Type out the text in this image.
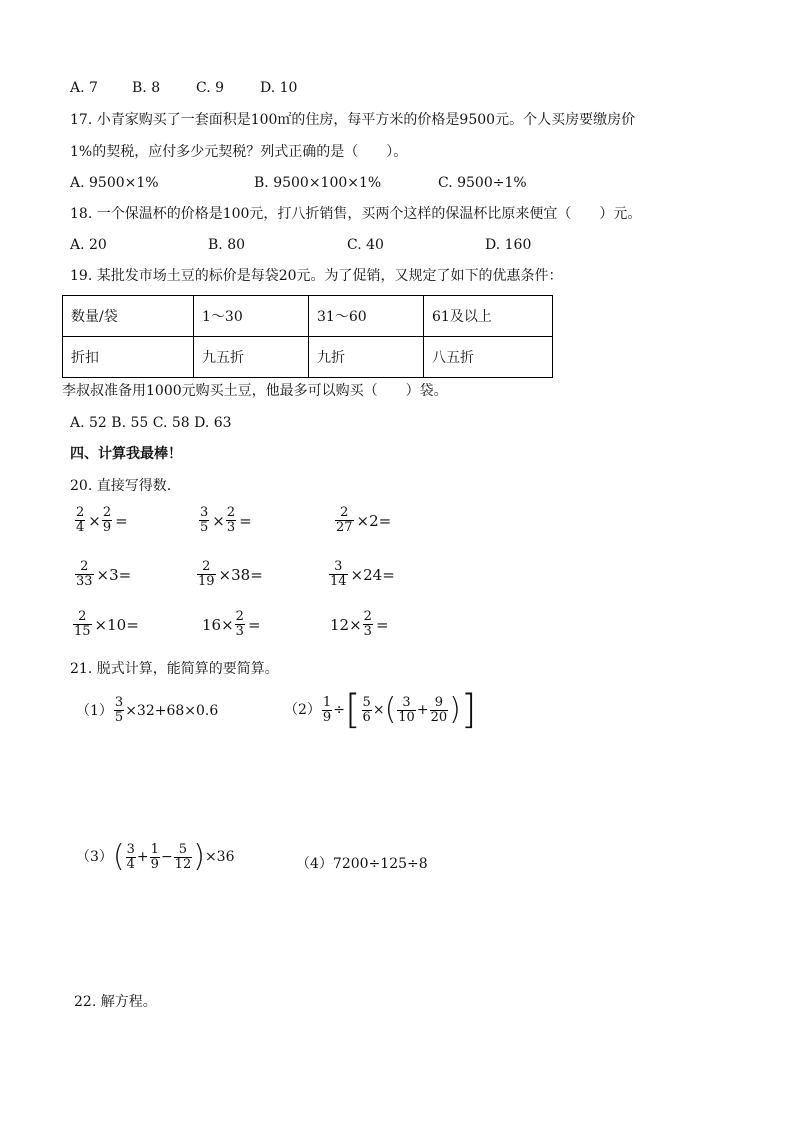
A. 7 B. 8	C. 9	D. 10
17. 小青家购买了一套面积是100㎡的住房，每平方米的价格是9500元。个人买房要缴房价
1%的契税，应付多少元契税？列式正确的是（　　）。
A. 9500×1%	B. 9500×100×1%	C. 9500÷1%
18. 一个保温杯的价格是100元，打八折销售，买两个这样的保温杯比原来便宜（　　）元。
A. 20	B. 80	C. 40	D. 160
19. 某批发市场土豆的标价是每袋20元。为了促销，又规定了如下的优惠条件：
数量/袋	1～30	31～60	61及以上
折扣	九五折	九折	八五折
李叔叔准备用1000元购买土豆，他最多可以购买（　　）袋。
A. 52 B. 55 C. 58 D. 63
四、计算我最棒！
20. 直接写得数.
$\frac{2}{4} \times \frac{2}{9}$ =	$\frac{3}{5} \times \frac{2}{3}$ =	$\frac{2}{27} \times 2=$
$\frac{2}{33} \times 3=$	$\frac{2}{19} \times 38=$	$\frac{3}{14} \times 24=$
$\frac{2}{15} \times 10=$	$16\times \frac{2}{3}$ =	$12\times \frac{2}{3}$ =
21. 脱式计算，能简算的要简算。
$(1) \frac{3}{5} \times 32+68\times 0.6$	$(2) \frac{1}{9}$ ÷ [ $\frac{5}{6}$ × ( $\frac{3}{10} + \frac{9}{20}$ ) ]
（3） ( $\frac{3}{4} + \frac{1}{9} - \frac{5}{12}$ ) ×36	（4） 7200÷125÷8
22. 解方程。
